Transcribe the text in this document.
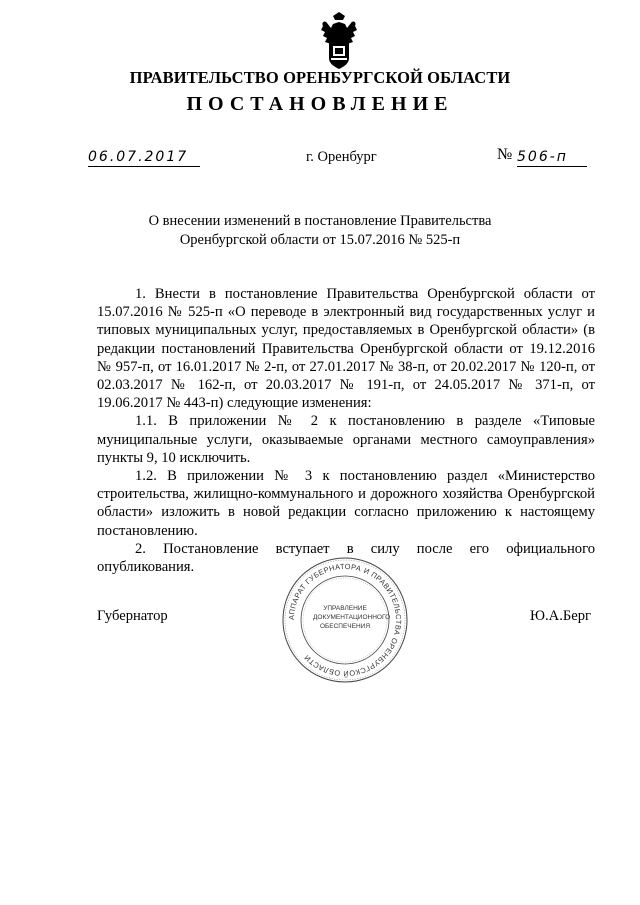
ПРАВИТЕЛЬСТВО ОРЕНБУРГСКОЙ ОБЛАСТИ
ПОСТАНОВЛЕНИЕ
06.07.2017	г. Оренбург	№ 506-п
О внесении изменений в постановление Правительства
Оренбургской области от 15.07.2016 № 525-п

1. Внести в постановление Правительства Оренбургской области от 15.07.2016 № 525-п «О переводе в электронный вид государственных услуг и типовых муниципальных услуг, предоставляемых в Оренбургской области» (в редакции постановлений Правительства Оренбургской области от 19.12.2016 № 957-п, от 16.01.2017 № 2-п, от 27.01.2017 № 38-п, от 20.02.2017 № 120-п, от 02.03.2017 № 162-п, от 20.03.2017 № 191-п, от 24.05.2017 № 371-п, от 19.06.2017 № 443-п) следующие изменения:

1.1. В приложении № 2 к постановлению в разделе «Типовые муниципальные услуги, оказываемые органами местного самоуправления» пункты 9, 10 исключить.

1.2. В приложении № 3 к постановлению раздел «Министерство строительства, жилищно-коммунального и дорожного хозяйства Оренбургской области» изложить в новой редакции согласно приложению к настоящему постановлению.

2. Постановление вступает в силу после его официального опубликования.

Губернатор	Ю.А.Берг
АППАРАТ ГУБЕРНАТОРА И ПРАВИТЕЛЬСТВА ОРЕНБУРГСКОЙ ОБЛАСТИ
УПРАВЛЕНИЕ
ДОКУМЕНТАЦИОННОГО
ОБЕСПЕЧЕНИЯ
